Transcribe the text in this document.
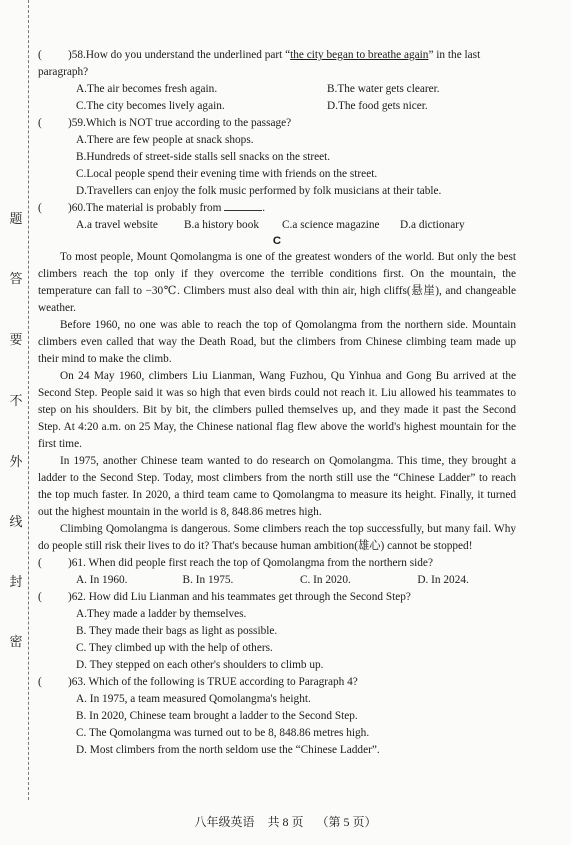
题
答
要
不
外
线
封
密
( )58.How do you understand the underlined part “the city began to breathe again” in the last paragraph?
A.The air becomes fresh again.	B.The water gets clearer.
C.The city becomes lively again.	D.The food gets nicer.
( )59.Which is NOT true according to the passage?
A.There are few people at snack shops.
B.Hundreds of street-side stalls sell snacks on the street.
C.Local people spend their evening time with friends on the street.
D.Travellers can enjoy the folk music performed by folk musicians at their table.
( )60.The material is probably from	.
A.a travel website	B.a history book	C.a science magazine	D.a dictionary
C

To most people, Mount Qomolangma is one of the greatest wonders of the world. But only the best climbers reach the top only if they overcome the terrible conditions first. On the mountain, the temperature can fall to −30℃. Climbers must also deal with thin air, high cliffs(悬崖), and changeable weather.

Before 1960, no one was able to reach the top of Qomolangma from the northern side. Mountain climbers even called that way the Death Road, but the climbers from Chinese climbing team made up their mind to make the climb.

On 24 May 1960, climbers Liu Lianman, Wang Fuzhou, Qu Yinhua and Gong Bu arrived at the Second Step. People said it was so high that even birds could not reach it. Liu allowed his teammates to step on his shoulders. Bit by bit, the climbers pulled themselves up, and they made it past the Second Step. At 4:20 a.m. on 25 May, the Chinese national flag flew above the world's highest mountain for the first time.

In 1975, another Chinese team wanted to do research on Qomolangma. This time, they brought a ladder to the Second Step. Today, most climbers from the north still use the “Chinese Ladder” to reach the top much faster. In 2020, a third team came to Qomolangma to measure its height. Finally, it turned out the highest mountain in the world is 8, 848.86 metres high.

Climbing Qomolangma is dangerous. Some climbers reach the top successfully, but many fail. Why do people still risk their lives to do it? That's because human ambition(雄心) cannot be stopped!

( )61. When did people first reach the top of Qomolangma from the northern side?
A. In 1960.	B. In 1975.	C. In 2020.	D. In 2024.
( )62. How did Liu Lianman and his teammates get through the Second Step?
A.They made a ladder by themselves.
B. They made their bags as light as possible.
C. They climbed up with the help of others.
D. They stepped on each other's shoulders to climb up.
( )63. Which of the following is TRUE according to Paragraph 4?
A. In 1975, a team measured Qomolangma's height.
B. In 2020, Chinese team brought a ladder to the Second Step.
C. The Qomolangma was turned out to be 8, 848.86 metres high.
D. Most climbers from the north seldom use the “Chinese Ladder”.
八年级英语 共 8 页 （第 5 页）
